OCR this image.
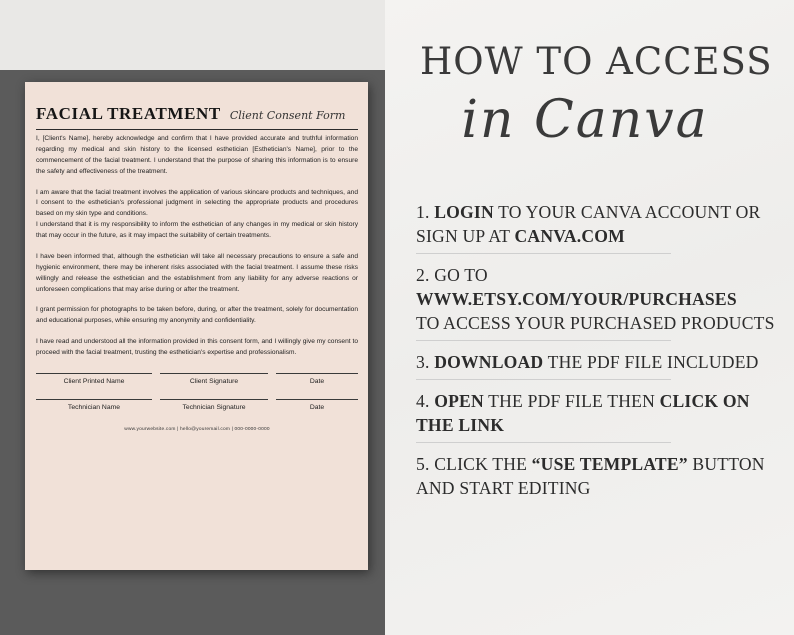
FACIAL TREATMENT Client Consent Form

I, [Client's Name], hereby acknowledge and confirm that I have provided accurate and truthful information regarding my medical and skin history to the licensed esthetician [Esthetician's Name], prior to the commencement of the facial treatment. I understand that the purpose of sharing this information is to ensure the safety and effectiveness of the treatment.

I am aware that the facial treatment involves the application of various skincare products and techniques, and I consent to the esthetician's professional judgment in selecting the appropriate products and procedures based on my skin type and conditions.

I understand that it is my responsibility to inform the esthetician of any changes in my medical or skin history that may occur in the future, as it may impact the suitability of certain treatments.

I have been informed that, although the esthetician will take all necessary precautions to ensure a safe and hygienic environment, there may be inherent risks associated with the facial treatment. I assume these risks willingly and release the esthetician and the establishment from any liability for any adverse reactions or unforeseen complications that may arise during or after the treatment.

I grant permission for photographs to be taken before, during, or after the treatment, solely for documentation and educational purposes, while ensuring my anonymity and confidentiality.

I have read and understood all the information provided in this consent form, and I willingly give my consent to proceed with the facial treatment, trusting the esthetician's expertise and professionalism.

Client Printed Name	Client Signature	Date
Technician Name	Technician Signature	Date
www.yourwebsite.com | hello@youremail.com | 000-0000-0000
HOW TO ACCESS
in Canva
1. LOGIN TO YOUR CANVA ACCOUNT OR SIGN UP AT CANVA.COM
2. GO TO
WWW.ETSY.COM/YOUR/PURCHASES
TO ACCESS YOUR PURCHASED PRODUCTS
3. DOWNLOAD THE PDF FILE INCLUDED
4. OPEN THE PDF FILE THEN CLICK ON THE LINK
5. CLICK THE “USE TEMPLATE” BUTTON AND START EDITING
